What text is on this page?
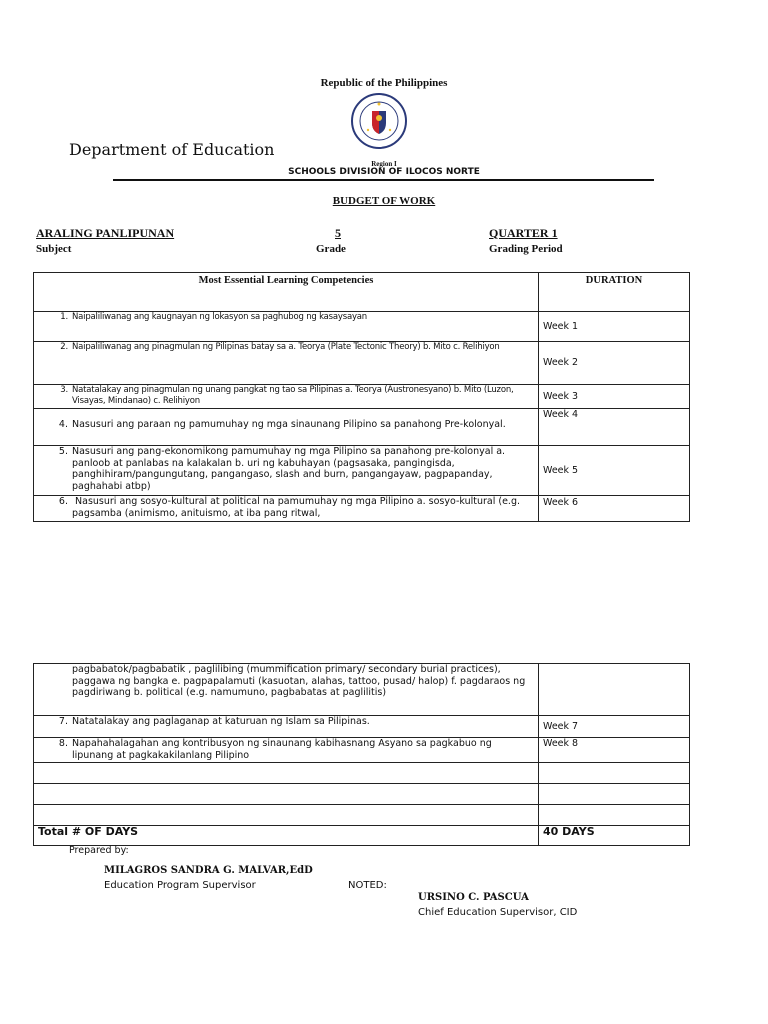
Republic of the Philippines
Department of Education
Region I
SCHOOLS DIVISION OF ILOCOS NORTE
BUDGET OF WORK
ARALING PANLIPUNAN
Subject
5
Grade
QUARTER 1
Grading Period
Most Essential Learning Competencies	DURATION

1. Naipaliliwanag ang kaugnayan ng lokasyon sa paghubog ng kasaysayan	Week 1

2. Naipaliliwanag ang pinagmulan ng Pilipinas batay sa a. Teorya (Plate Tectonic Theory) b. Mito c. Relihiyon	Week 2

3. Natatalakay ang pinagmulan ng unang pangkat ng tao sa Pilipinas a. Teorya (Austronesyano) b. Mito (Luzon, Visayas, Mindanao) c. Relihiyon	Week 3

4. Nasusuri ang paraan ng pamumuhay ng mga sinaunang Pilipino sa panahong Pre-kolonyal.	Week 4

5. Nasusuri ang pang-ekonomikong pamumuhay ng mga Pilipino sa panahong pre-kolonyal a. panloob at panlabas na kalakalan b. uri ng kabuhayan (pagsasaka, pangingisda, panghihiram/pangungutang, pangangaso, slash and burn, pangangayaw, pagpapanday, paghahabi atbp)	Week 5

6. Nasusuri ang sosyo-kultural at political na pamumuhay ng mga Pilipino a. sosyo-kultural (e.g. pagsamba (animismo, anituismo, at iba pang ritwal,	Week 6
pagbabatok/pagbabatik , paglilibing (mummification primary/ secondary burial practices), paggawa ng bangka e. pagpapalamuti (kasuotan, alahas, tattoo, pusad/ halop) f. pagdaraos ng pagdiriwang b. political (e.g. namumuno, pagbabatas at paglilitis)	

7. Natatalakay ang paglaganap at katuruan ng Islam sa Pilipinas.	Week 7

8. Napahahalagahan ang kontribusyon ng sinaunang kabihasnang Asyano sa pagkabuo ng lipunang at pagkakakilanlang Pilipino	Week 8

Total # OF DAYS	40 DAYS
Prepared by:
MILAGROS SANDRA G. MALVAR,EdD
Education Program Supervisor	NOTED:
URSINO C. PASCUA
Chief Education Supervisor, CID
